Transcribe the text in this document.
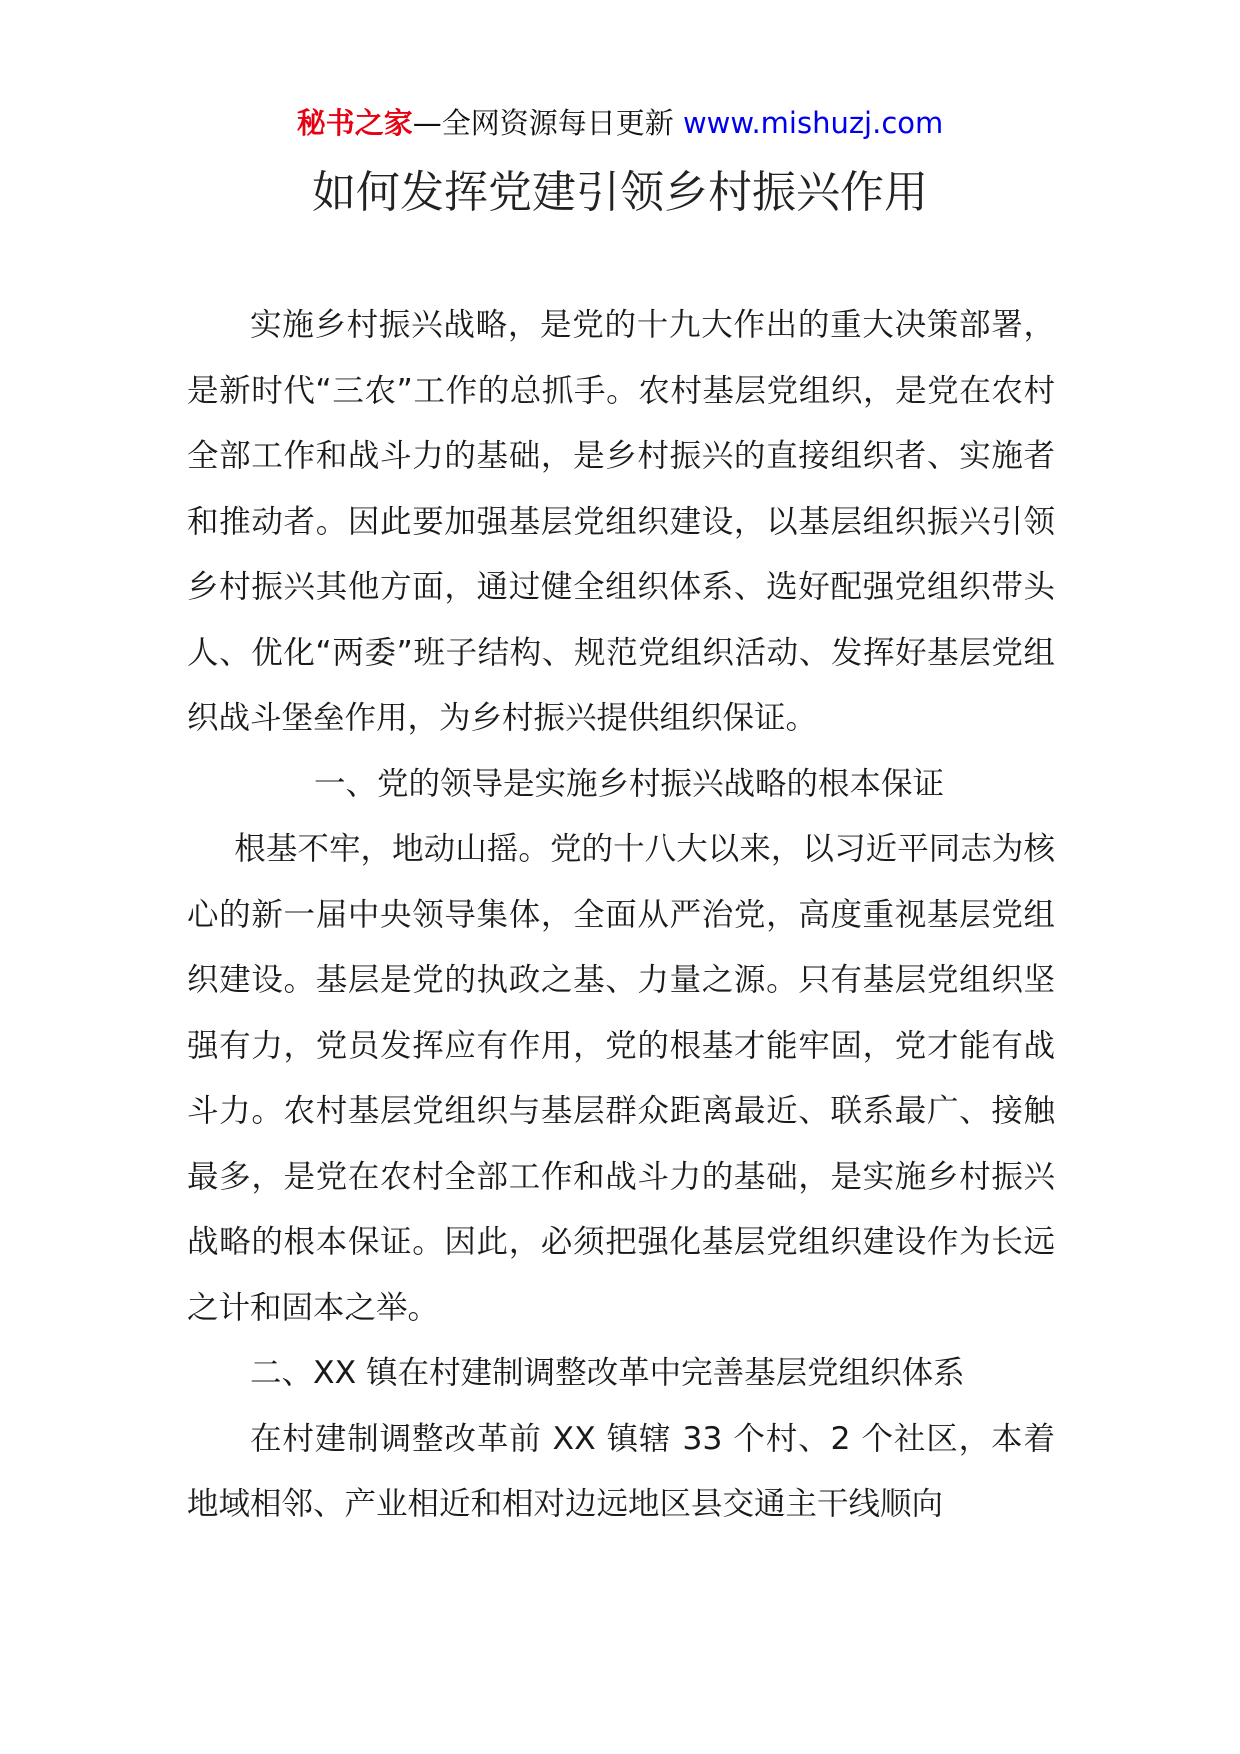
秘书之家—全网资源每日更新 www.mishuzj.com
如何发挥党建引领乡村振兴作用

实施乡村振兴战略，是党的十九大作出的重大决策部署，是新时代“三农”工作的总抓手。农村基层党组织，是党在农村全部工作和战斗力的基础，是乡村振兴的直接组织者、实施者和推动者。因此要加强基层党组织建设，以基层组织振兴引领乡村振兴其他方面，通过健全组织体系、选好配强党组织带头人、优化“两委”班子结构、规范党组织活动、发挥好基层党组织战斗堡垒作用，为乡村振兴提供组织保证。

一、党的领导是实施乡村振兴战略的根本保证

根基不牢，地动山摇。党的十八大以来，以习近平同志为核心的新一届中央领导集体，全面从严治党，高度重视基层党组织建设。基层是党的执政之基、力量之源。只有基层党组织坚强有力，党员发挥应有作用，党的根基才能牢固，党才能有战斗力。农村基层党组织与基层群众距离最近、联系最广、接触最多，是党在农村全部工作和战斗力的基础，是实施乡村振兴战略的根本保证。因此，必须把强化基层党组织建设作为长远之计和固本之举。

二、XX 镇在村建制调整改革中完善基层党组织体系

在村建制调整改革前 XX 镇辖 33 个村、2 个社区，本着地域相邻、产业相近和相对边远地区县交通主干线顺向
